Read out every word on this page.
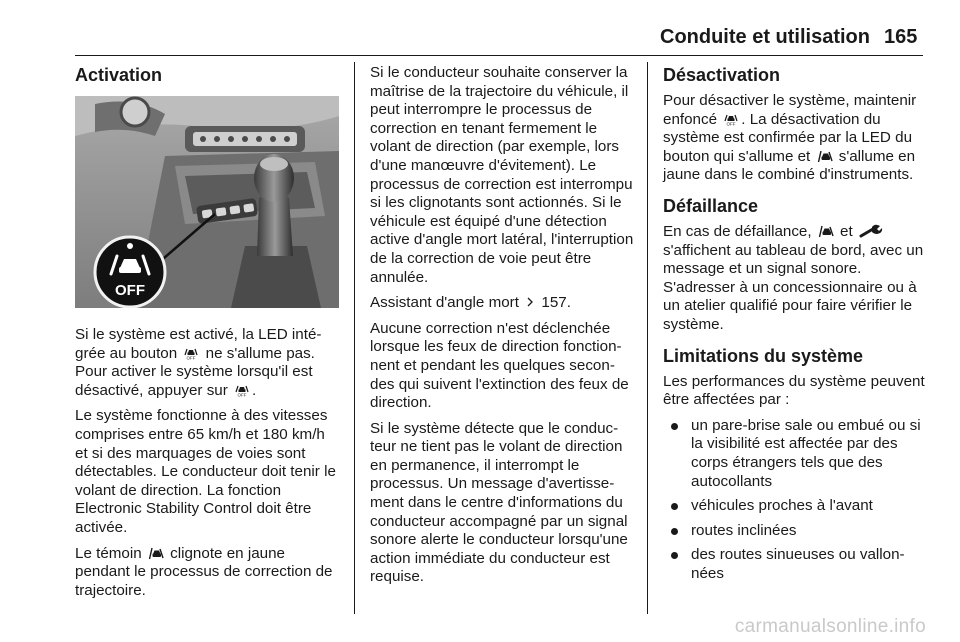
Conduite et utilisation 165
Activation
OFF

Si le système est activé, la LED intégrée au bouton OFF ne s'allume pas. Pour activer le système lorsqu'il est désactivé, appuyer sur OFF .

Le système fonctionne à des vitesses comprises entre 65 km/h et 180 km/h et si des marquages de voies sont détectables. Le conducteur doit tenir le volant de direction. La fonction Electronic Stability Control doit être activée.

Le témoin
clignote en jaune pendant le processus de correction de trajectoire.

Si le conducteur souhaite conserver la maîtrise de la trajectoire du véhicule, il peut interrompre le processus de correction en tenant fermement le volant de direction (par exemple, lors d'une manœuvre d'évitement). Le processus de correction est interrompu si les clignotants sont actionnés. Si le véhicule est équipé d'une détection active d'angle mort latéral, l'interruption de la correction de voie peut être annulée.

Assistant d'angle mort
157.

Aucune correction n'est déclenchée lorsque les feux de direction fonctionnent et pendant les quelques secondes qui suivent l'extinction des feux de direction.

Si le système détecte que le conducteur ne tient pas le volant de direction en permanence, il interrompt le processus. Un message d'avertissement dans le centre d'informations du conducteur accompagné par un signal sonore alerte le conducteur lorsqu'une action immédiate du conducteur est requise.

Désactivation

Pour désactiver le système, maintenir enfoncé OFF . La désactivation du système est confirmée par la LED du bouton qui s'allume et
s'allume en jaune dans le combiné d'instruments.

Défaillance

En cas de défaillance,
et
s'affichent au tableau de bord, avec un message et un signal sonore. S'adresser à un concessionnaire ou à un atelier qualifié pour faire vérifier le système.

Limitations du système

Les performances du système peuvent être affectées par :

un pare-brise sale ou embué ou si la visibilité est affectée par des corps étrangers tels que des autocollants
véhicules proches à l'avant
routes inclinées
des routes sinueuses ou vallonnées
carmanualsonline.info
